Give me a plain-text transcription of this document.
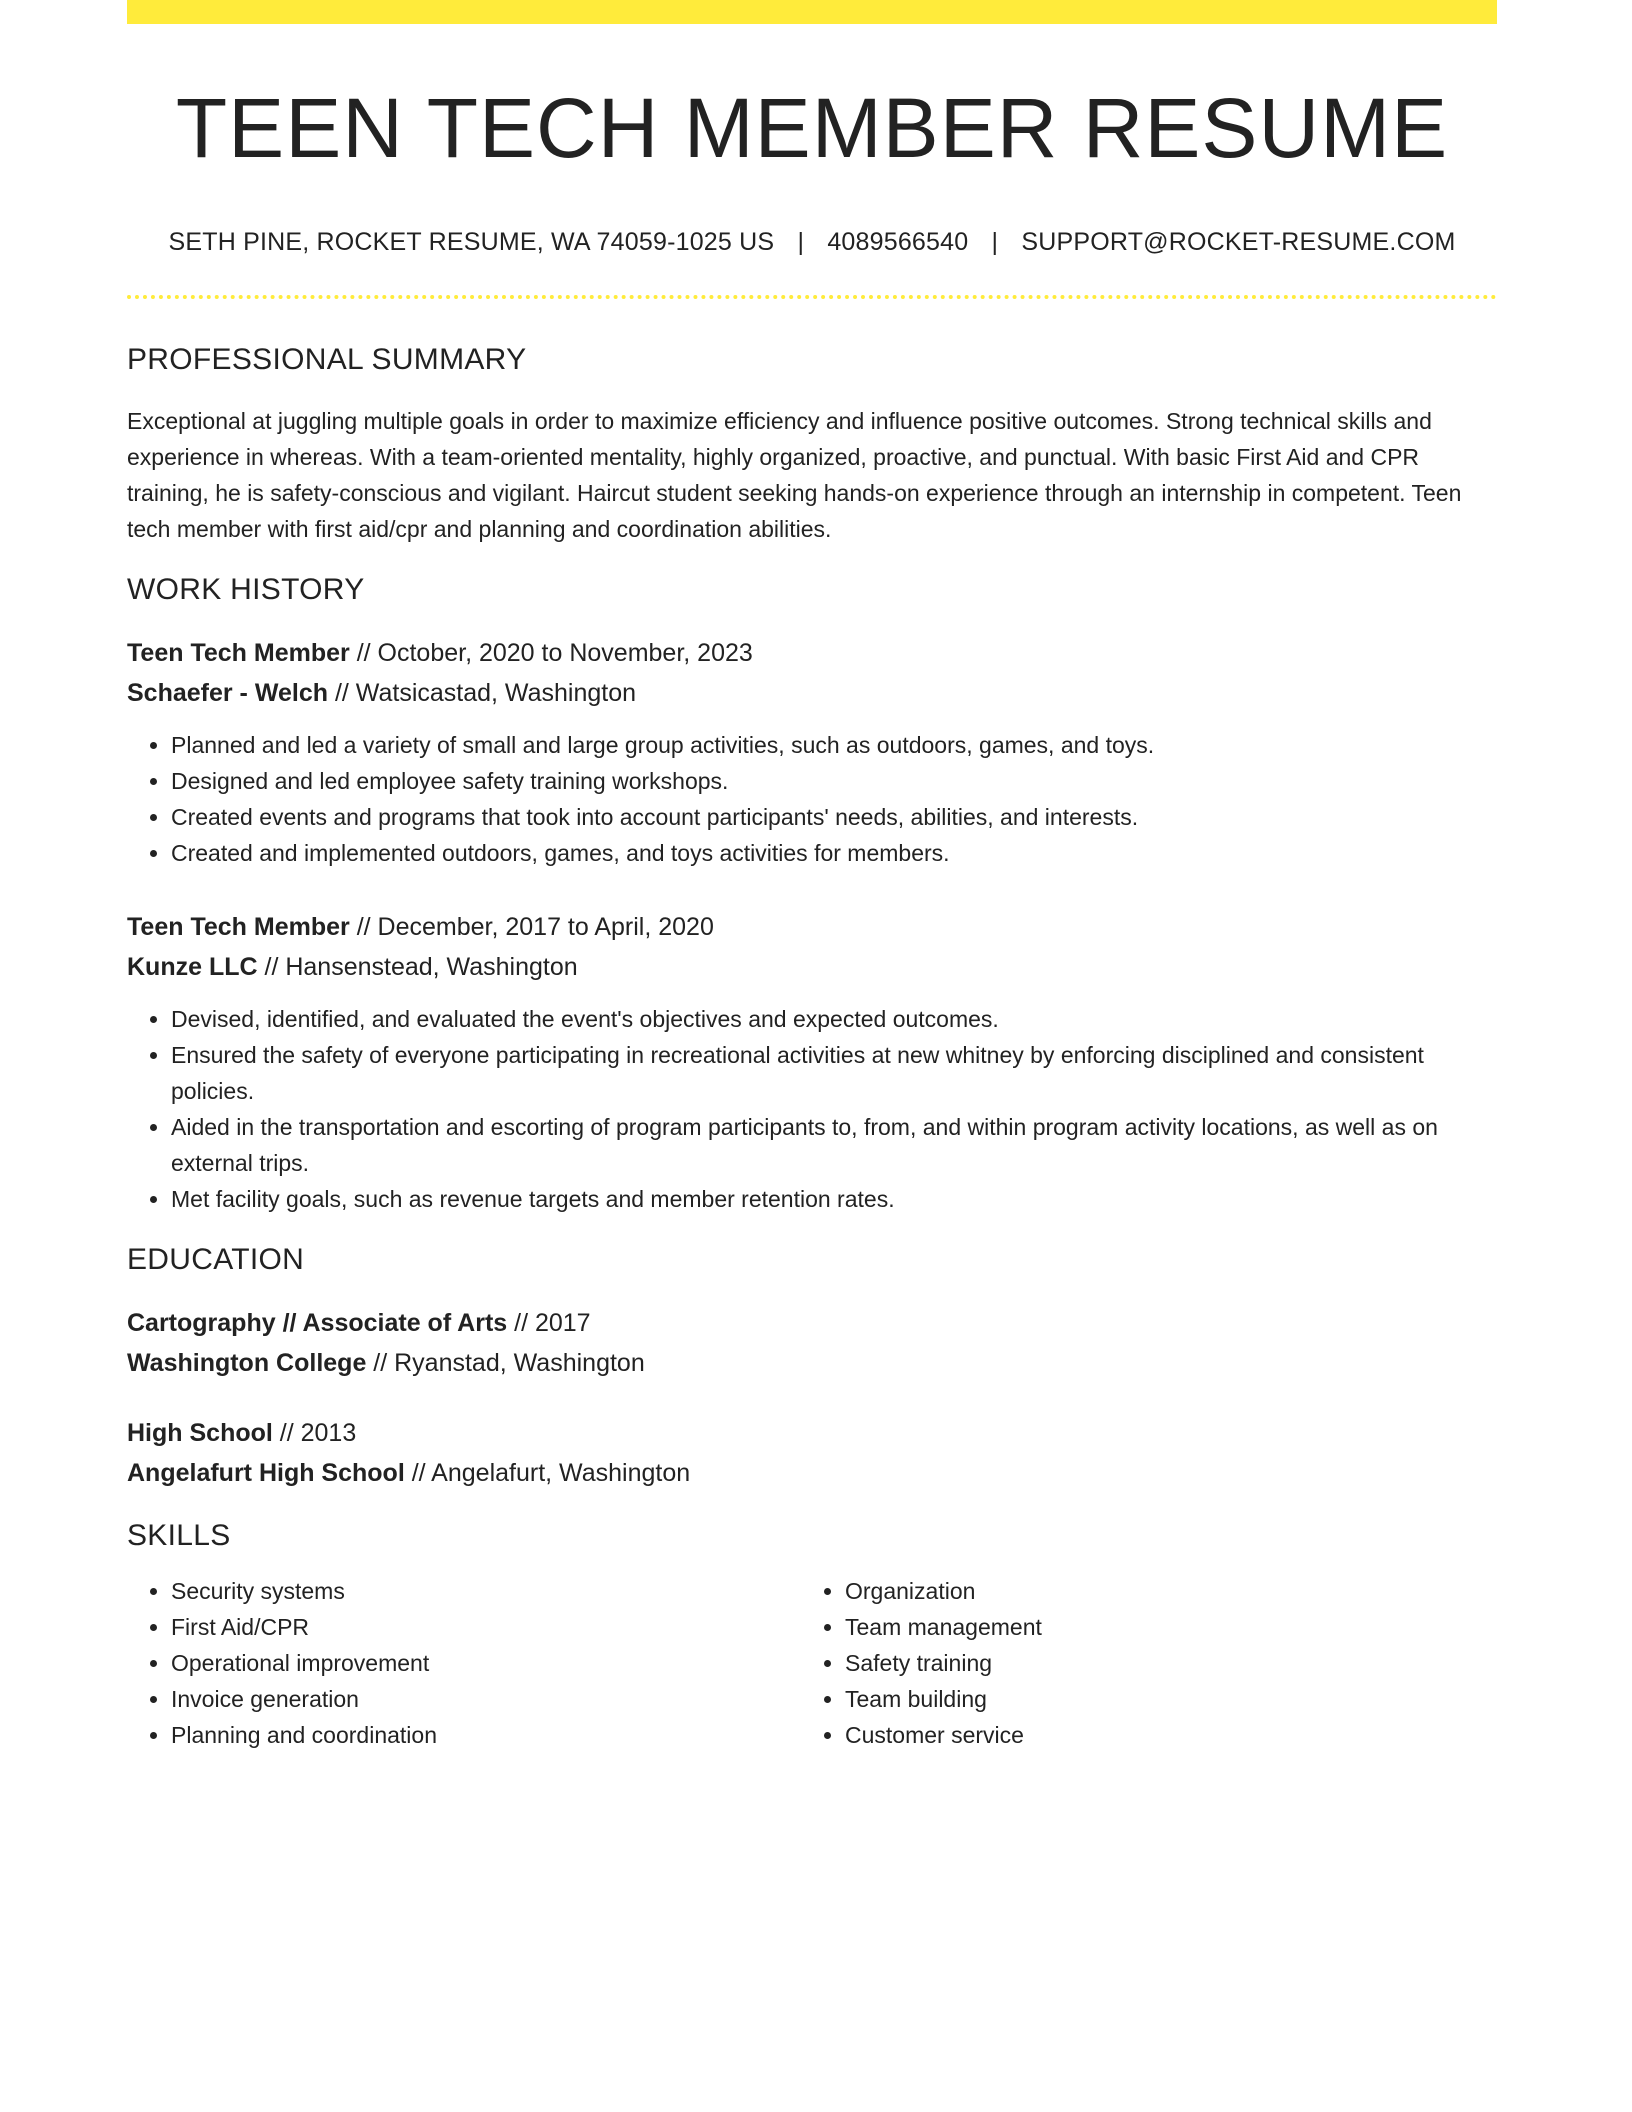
TEEN TECH MEMBER RESUME
SETH PINE, ROCKET RESUME, WA 74059-1025 US | 4089566540 | SUPPORT@ROCKET-RESUME.COM
PROFESSIONAL SUMMARY

Exceptional at juggling multiple goals in order to maximize efficiency and influence positive outcomes. Strong technical skills and experience in whereas. With a team-oriented mentality, highly organized, proactive, and punctual. With basic First Aid and CPR training, he is safety-conscious and vigilant. Haircut student seeking hands-on experience through an internship in competent. Teen tech member with first aid/cpr and planning and coordination abilities.

WORK HISTORY
Teen Tech Member // October, 2020 to November, 2023
Schaefer - Welch // Watsicastad, Washington
• Planned and led a variety of small and large group activities, such as outdoors, games, and toys.
• Designed and led employee safety training workshops.
• Created events and programs that took into account participants' needs, abilities, and interests.
• Created and implemented outdoors, games, and toys activities for members.
Teen Tech Member // December, 2017 to April, 2020
Kunze LLC // Hansenstead, Washington
• Devised, identified, and evaluated the event's objectives and expected outcomes.
• Ensured the safety of everyone participating in recreational activities at new whitney by enforcing disciplined and consistent policies.
• Aided in the transportation and escorting of program participants to, from, and within program activity locations, as well as on external trips.
• Met facility goals, such as revenue targets and member retention rates.
EDUCATION
Cartography // Associate of Arts // 2017
Washington College // Ryanstad, Washington
High School // 2013
Angelafurt High School // Angelafurt, Washington
SKILLS
• Security systems
• First Aid/CPR
• Operational improvement
• Invoice generation
• Planning and coordination
• Organization
• Team management
• Safety training
• Team building
• Customer service
